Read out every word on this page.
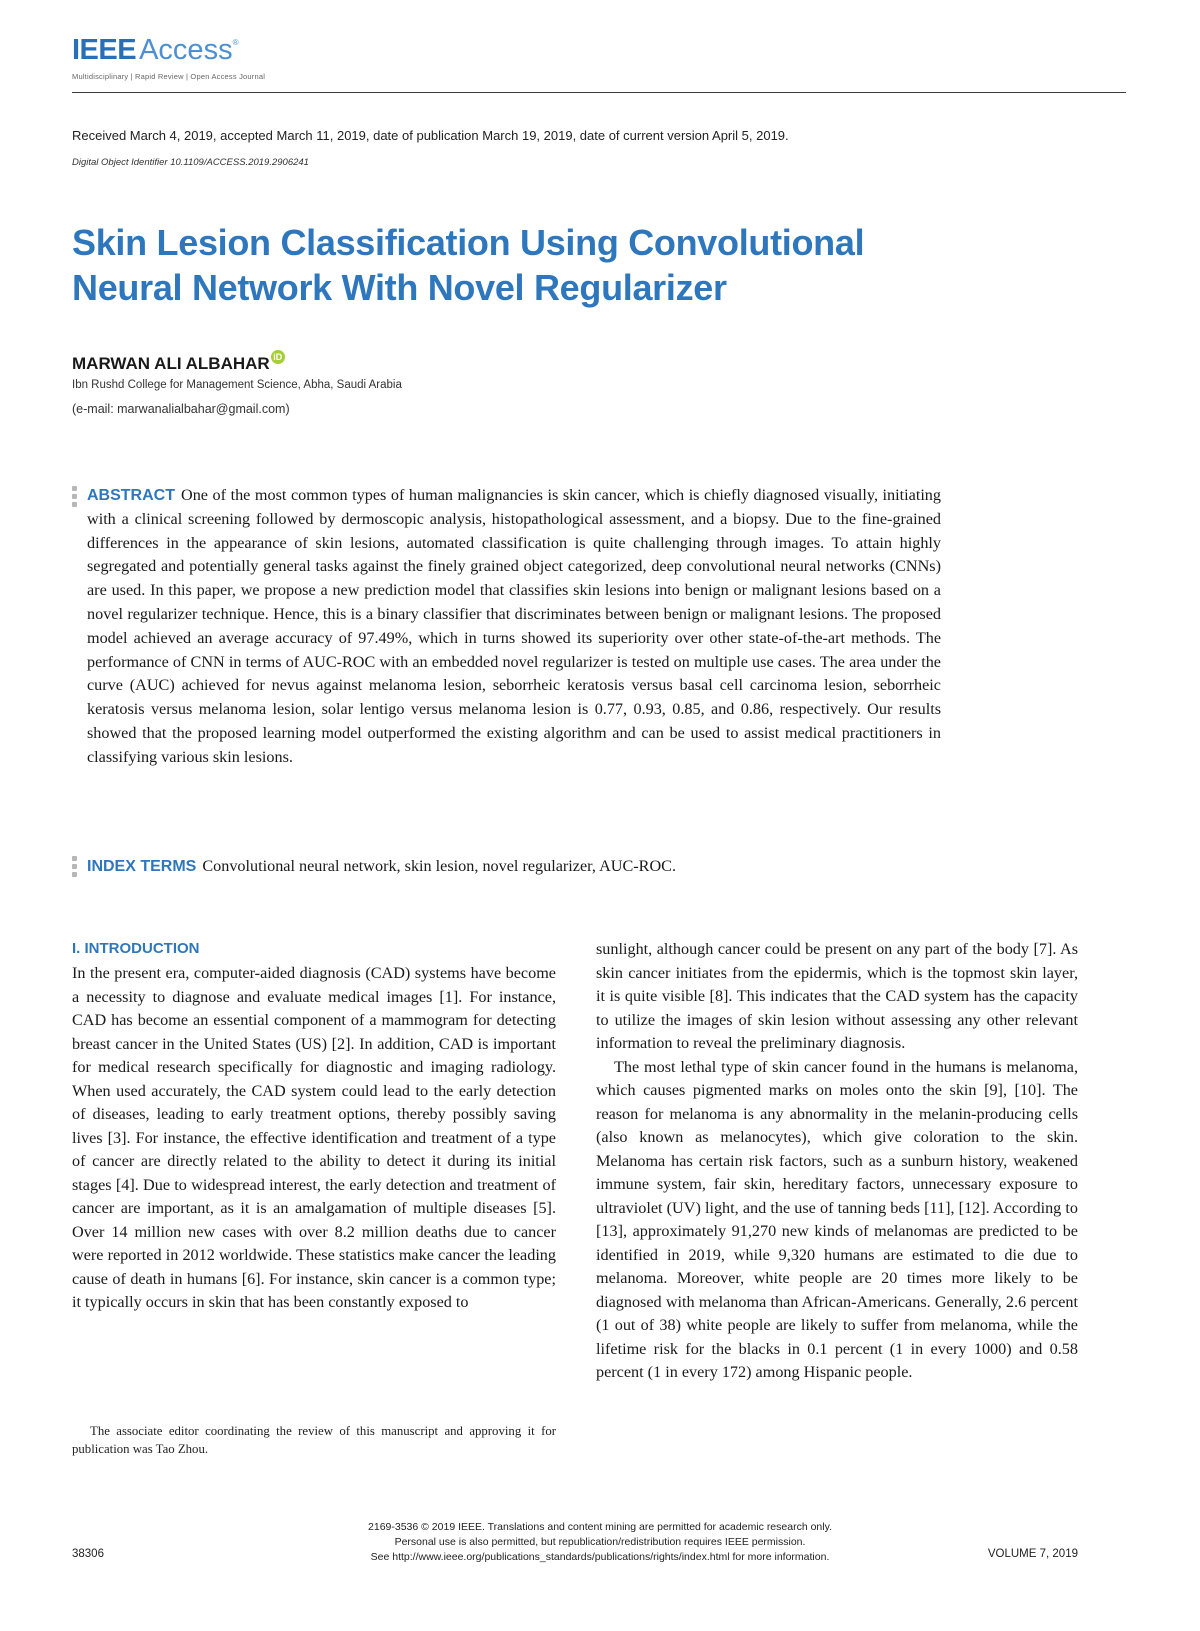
IEEE Access ®
Multidisciplinary | Rapid Review | Open Access Journal
Received March 4, 2019, accepted March 11, 2019, date of publication March 19, 2019, date of current version April 5, 2019.
Digital Object Identifier 10.1109/ACCESS.2019.2906241
Skin Lesion Classification Using Convolutional Neural Network With Novel Regularizer
MARWAN ALI ALBAHAR iD
Ibn Rushd College for Management Science, Abha, Saudi Arabia
(e-mail: marwanalialbahar@gmail.com)
ABSTRACT One of the most common types of human malignancies is skin cancer, which is chiefly diagnosed visually, initiating with a clinical screening followed by dermoscopic analysis, histopathological assessment, and a biopsy. Due to the fine-grained differences in the appearance of skin lesions, automated classification is quite challenging through images. To attain highly segregated and potentially general tasks against the finely grained object categorized, deep convolutional neural networks (CNNs) are used. In this paper, we propose a new prediction model that classifies skin lesions into benign or malignant lesions based on a novel regularizer technique. Hence, this is a binary classifier that discriminates between benign or malignant lesions. The proposed model achieved an average accuracy of 97.49%, which in turns showed its superiority over other state-of-the-art methods. The performance of CNN in terms of AUC-ROC with an embedded novel regularizer is tested on multiple use cases. The area under the curve (AUC) achieved for nevus against melanoma lesion, seborrheic keratosis versus basal cell carcinoma lesion, seborrheic keratosis versus melanoma lesion, solar lentigo versus melanoma lesion is 0.77, 0.93, 0.85, and 0.86, respectively. Our results showed that the proposed learning model outperformed the existing algorithm and can be used to assist medical practitioners in classifying various skin lesions.
INDEX TERMS Convolutional neural network, skin lesion, novel regularizer, AUC-ROC.
I. INTRODUCTION

In the present era, computer-aided diagnosis (CAD) systems have become a necessity to diagnose and evaluate medical images [1]. For instance, CAD has become an essential component of a mammogram for detecting breast cancer in the United States (US) [2]. In addition, CAD is important for medical research specifically for diagnostic and imaging radiology. When used accurately, the CAD system could lead to the early detection of diseases, leading to early treatment options, thereby possibly saving lives [3]. For instance, the effective identification and treatment of a type of cancer are directly related to the ability to detect it during its initial stages [4]. Due to widespread interest, the early detection and treatment of cancer are important, as it is an amalgamation of multiple diseases [5]. Over 14 million new cases with over 8.2 million deaths due to cancer were reported in 2012 worldwide. These statistics make cancer the leading cause of death in humans [6]. For instance, skin cancer is a common type; it typically occurs in skin that has been constantly exposed to

sunlight, although cancer could be present on any part of the body [7]. As skin cancer initiates from the epidermis, which is the topmost skin layer, it is quite visible [8]. This indicates that the CAD system has the capacity to utilize the images of skin lesion without assessing any other relevant information to reveal the preliminary diagnosis.

The most lethal type of skin cancer found in the humans is melanoma, which causes pigmented marks on moles onto the skin [9], [10]. The reason for melanoma is any abnormality in the melanin-producing cells (also known as melanocytes), which give coloration to the skin. Melanoma has certain risk factors, such as a sunburn history, weakened immune system, fair skin, hereditary factors, unnecessary exposure to ultraviolet (UV) light, and the use of tanning beds [11], [12]. According to [13], approximately 91,270 new kinds of melanomas are predicted to be identified in 2019, while 9,320 humans are estimated to die due to melanoma. Moreover, white people are 20 times more likely to be diagnosed with melanoma than African-Americans. Generally, 2.6 percent (1 out of 38) white people are likely to suffer from melanoma, while the lifetime risk for the blacks in 0.1 percent (1 in every 1000) and 0.58 percent (1 in every 172) among Hispanic people.

The associate editor coordinating the review of this manuscript and approving it for publication was Tao Zhou.

38306
2169-3536 © 2019 IEEE. Translations and content mining are permitted for academic research only.
Personal use is also permitted, but republication/redistribution requires IEEE permission.
See http://www.ieee.org/publications_standards/publications/rights/index.html for more information.	VOLUME 7, 2019
